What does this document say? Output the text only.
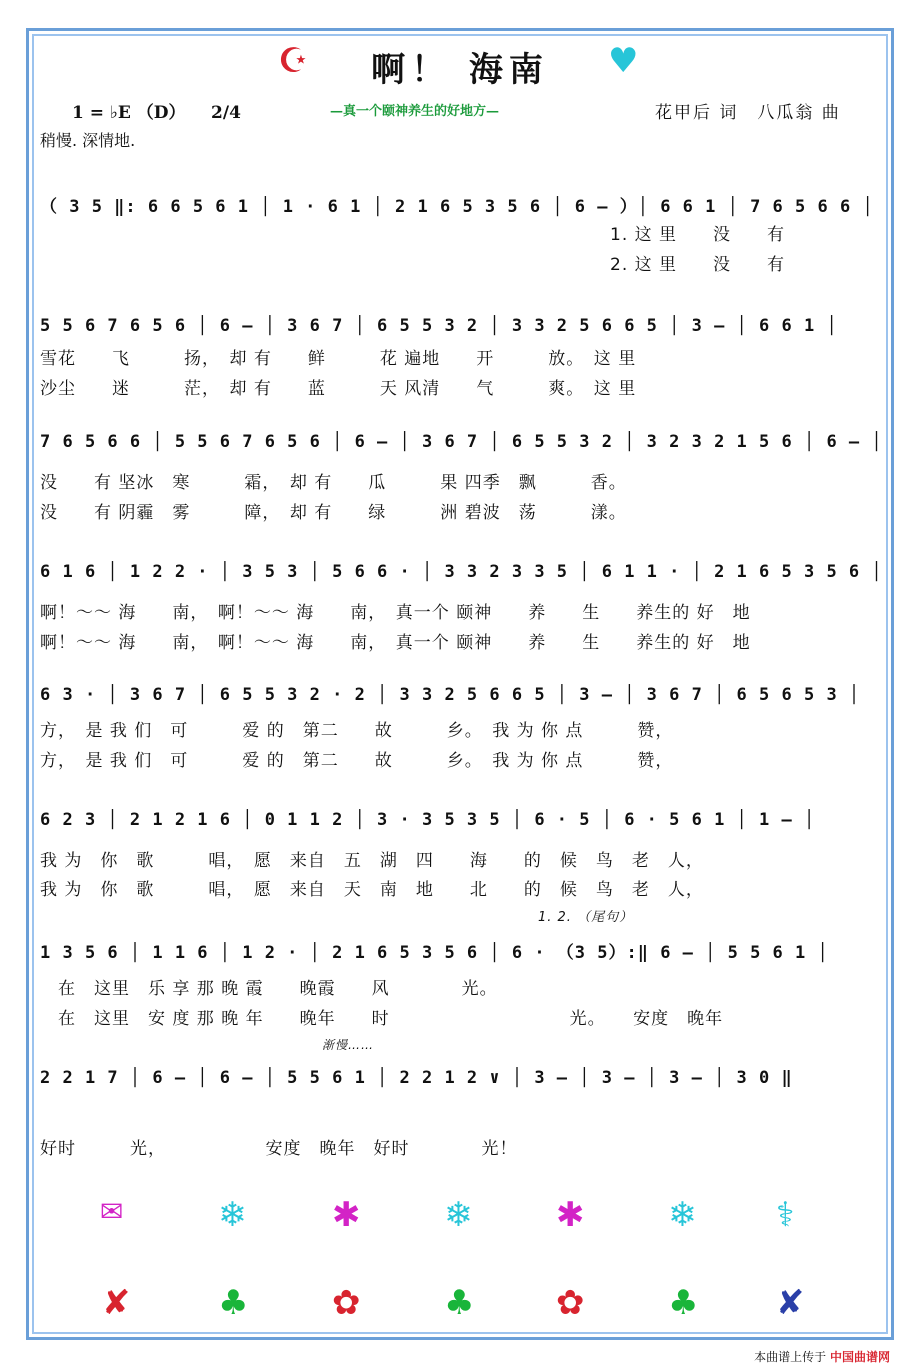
☪	♥
啊！ 海南
1 = ♭E （D）　　2/4	—真一个颐神养生的好地方—	花甲后 词　八瓜翁 曲
稍慢. 深情地.
（ 3 5 ‖: 6 6 5 6 1 │ 1 · 6 1 │ 2 1 6 5 3 5 6 │ 6 — ）│ 6 6 1 │ 7 6 5 6 6 │
1. 这 里　　没　　有
2. 这 里　　没　　有
5 5 6 7 6 5 6 │ 6 — │ 3 6 7 │ 6 5 5 3 2 │ 3 3 2 5 6 6 5 │ 3 — │ 6 6 1 │
雪花　　飞　　　扬，　却 有　　鲜　　　花 遍地　　开　　　放。　这 里
沙尘　　迷　　　茫，　却 有　　蓝　　　天 风清　　气　　　爽。　这 里
7 6 5 6 6 │ 5 5 6 7 6 5 6 │ 6 — │ 3 6 7 │ 6 5 5 3 2 │ 3 2 3 2 1 5 6 │ 6 — │
没　　有 坚冰　寒　　　霜，　却 有　　瓜　　　果 四季　飘　　　香。
没　　有 阴霾　雾　　　障，　却 有　　绿　　　洲 碧波　荡　　　漾。
6 1 6 │ 1 2 2 · │ 3 5 3 │ 5 6 6 · │ 3 3 2 3 3 5 │ 6 1 1 · │ 2 1 6 5 3 5 6 │
啊！～～ 海　　南，　啊！～～ 海　　南，　真一个 颐神　　养　　生　　养生的 好　地
啊！～～ 海　　南，　啊！～～ 海　　南，　真一个 颐神　　养　　生　　养生的 好　地
6 3 · │ 3 6 7 │ 6 5 5 3 2 · 2 │ 3 3 2 5 6 6 5 │ 3 — │ 3 6 7 │ 6 5 6 5 3 │
方，　是 我 们　可　　　爱 的　第二　　故　　　乡。　我 为 你 点　　　赞，
方，　是 我 们　可　　　爱 的　第二　　故　　　乡。　我 为 你 点　　　赞，
6 2 3 │ 2 1 2 1 6 │ 0 1 1 2 │ 3 · 3 5 3 5 │ 6 · 5 │ 6 · 5 6 1 │ 1 — │
我 为　你　歌　　　唱，　愿　来自　五　湖　四　　海　　的　候　鸟　老　人，
我 为　你　歌　　　唱，　愿　来自　天　南　地　　北　　的　候　鸟　老　人，
1. 2. （尾句）
1 3 5 6 │ 1 1 6 │ 1 2 · │ 2 1 6 5 3 5 6 │ 6 · （3 5）:‖ 6 — │ 5 5 6 1 │
在　这里　乐 享 那 晚 霞　　晚霞　　风　　　　光。
在　这里　安 度 那 晚 年　　晚年　　时　　　　　　　　　　光。　　安度　晚年
渐慢……
2 2 1 7 │ 6 — │ 6 — │ 5 5 6 1 │ 2 2 1 2 ∨ │ 3 — │ 3 — │ 3 — │ 3 0 ‖
好时　　　光，　　　　　　安度　晚年　好时　　　　光！
✉	❄	✱ ❄ ✱ ❄ ⚕
✘	♣ ✿ ♣ ✿ ♣ ✘
本曲谱上传于 中国曲谱网
